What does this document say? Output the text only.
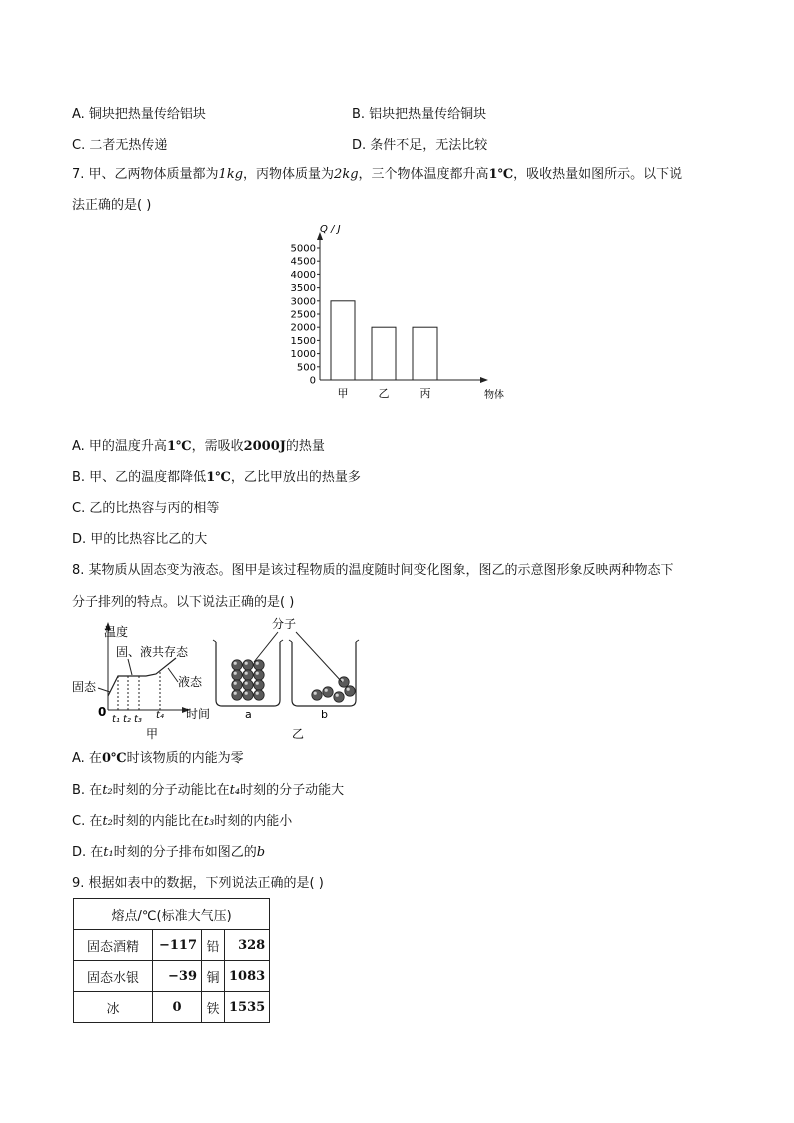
A. 铜块把热量传给铝块	B. 铝块把热量传给铜块
C. 二者无热传递	D. 条件不足，无法比较
7. 甲、乙两物体质量都为1kg，丙物体质量为2kg，三个物体温度都升高1℃，吸收热量如图所示。以下说
法正确的是( )
Q / J
物体
5000
4500
4000
3500
3000
2500
2000
1500
1000
500
0
甲	乙	丙
A. 甲的温度升高1℃，需吸收2000J的热量
B. 甲、乙的温度都降低1℃，乙比甲放出的热量多
C. 乙的比热容与丙的相等
D. 甲的比热容比乙的大
8. 某物质从固态变为液态。图甲是该过程物质的温度随时间变化图象，图乙的示意图形象反映两种物态下
分子排列的特点。以下说法正确的是( )
温度
时间
0
固态
固、液共存态
液态
t₁ t₂ t₃ t₄
甲
分子
a	b
乙
A. 在0℃时该物质的内能为零
B. 在t₂时刻的分子动能比在t₄时刻的分子动能大
C. 在t₂时刻的内能比在t₃时刻的内能小
D. 在t₁时刻的分子排布如图乙的b
9. 根据如表中的数据，下列说法正确的是( )
熔点/℃(标准大气压)			
固态酒精	−117	铅	328
固态水银	−39	铜	1083
冰	0	铁	1535
